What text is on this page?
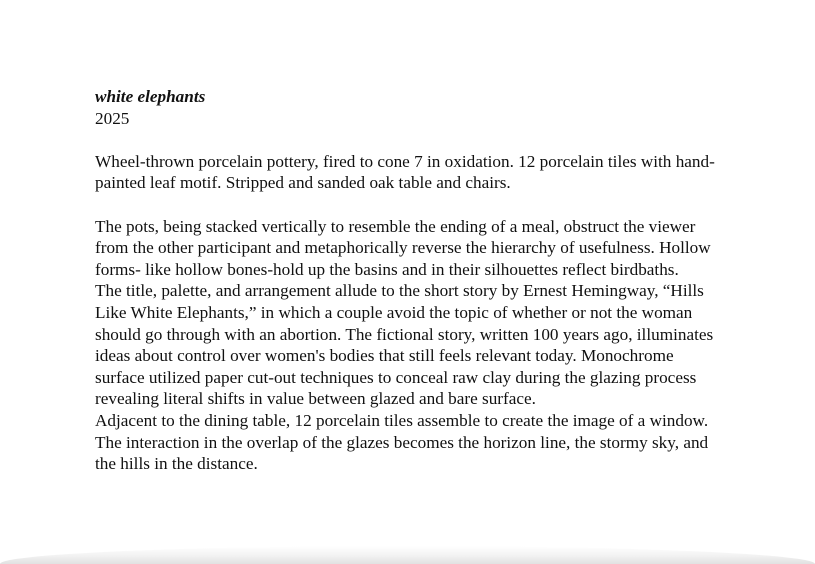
white elephants

2025

Wheel-thrown porcelain pottery, fired to cone 7 in oxidation. 12 porcelain tiles with hand-painted leaf motif. Stripped and sanded oak table and chairs.

The pots, being stacked vertically to resemble the ending of a meal, obstruct the viewer from the other participant and metaphorically reverse the hierarchy of usefulness. Hollow forms- like hollow bones-hold up the basins and in their silhouettes reflect birdbaths.

The title, palette, and arrangement allude to the short story by Ernest Hemingway, “Hills Like White Elephants,” in which a couple avoid the topic of whether or not the woman should go through with an abortion. The fictional story, written 100 years ago, illuminates ideas about control over women's bodies that still feels relevant today. Monochrome surface utilized paper cut-out techniques to conceal raw clay during the glazing process revealing literal shifts in value between glazed and bare surface.

Adjacent to the dining table, 12 porcelain tiles assemble to create the image of a window. The interaction in the overlap of the glazes becomes the horizon line, the stormy sky, and the hills in the distance.
